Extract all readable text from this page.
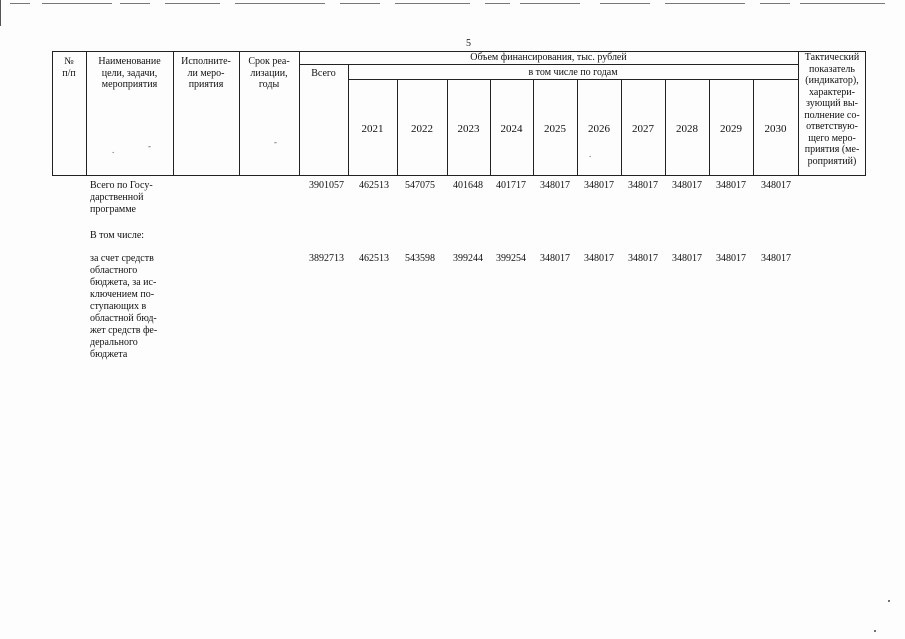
5
№
п/п
Наименование
цели, задачи,
мероприятия
Исполните-
ли меро-
приятия
Срок реа-
лизации,
годы
Объем финансирования, тыс. рублей
Всего	в том числе по годам
2021	2022	2023	2024	2025	2026	2027	2028	2029	2030
Тактический
показатель
(индикатор),
характери-
зующий вы-
полнение со-
ответствую-
щего меро-
приятия (ме-
роприятий)
.	-	-
.
Всего по Госу-
дарственной
программе
3901057	462513	547075	401648	401717	348017	348017	348017	348017	348017	348017
В том числе:
за счет средств
областного
бюджета, за ис-
ключением по-
ступающих в
областной бюд-
жет средств фе-
дерального
бюджета
3892713	462513	543598	399244	399254	348017	348017	348017	348017	348017	348017
